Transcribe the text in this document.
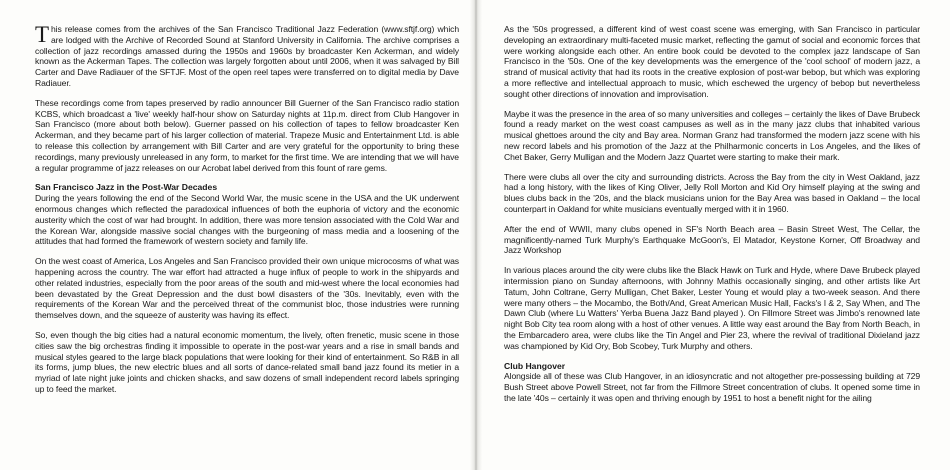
This release comes from the archives of the San Francisco Traditional Jazz Federation (www.sftjf.org) which are lodged with the Archive of Recorded Sound at Stanford University in California. The archive comprises a collection of jazz recordings amassed during the 1950s and 1960s by broadcaster Ken Ackerman, and widely known as the Ackerman Tapes. The collection was largely forgotten about until 2006, when it was salvaged by Bill Carter and Dave Radiauer of the SFTJF. Most of the open reel tapes were transferred on to digital media by Dave Radiauer.

These recordings come from tapes preserved by radio announcer Bill Guerner of the San Francisco radio station KCBS, which broadcast a 'live' weekly half-hour show on Saturday nights at 11p.m. direct from Club Hangover in San Francisco (more about both below). Guerner passed on his collection of tapes to fellow broadcaster Ken Ackerman, and they became part of his larger collection of material. Trapeze Music and Entertainment Ltd. is able to release this collection by arrangement with Bill Carter and are very grateful for the opportunity to bring these recordings, many previously unreleased in any form, to market for the first time. We are intending that we will have a regular programme of jazz releases on our Acrobat label derived from this fount of rare gems.

San Francisco Jazz in the Post-War Decades

During the years following the end of the Second World War, the music scene in the USA and the UK underwent enormous changes which reflected the paradoxical influences of both the euphoria of victory and the economic austerity which the cost of war had brought. In addition, there was more tension associated with the Cold War and the Korean War, alongside massive social changes with the burgeoning of mass media and a loosening of the attitudes that had formed the framework of western society and family life.

On the west coast of America, Los Angeles and San Francisco provided their own unique microcosms of what was happening across the country. The war effort had attracted a huge influx of people to work in the shipyards and other related industries, especially from the poor areas of the south and mid-west where the local economies had been devastated by the Great Depression and the dust bowl disasters of the '30s. Inevitably, even with the requirements of the Korean War and the perceived threat of the communist bloc, those industries were running themselves down, and the squeeze of austerity was having its effect.

So, even though the big cities had a natural economic momentum, the lively, often frenetic, music scene in those cities saw the big orchestras finding it impossible to operate in the post-war years and a rise in small bands and musical styles geared to the large black populations that were looking for their kind of entertainment. So R&B in all its forms, jump blues, the new electric blues and all sorts of dance-related small band jazz found its metier in a myriad of late night juke joints and chicken shacks, and saw dozens of small independent record labels springing up to feed the market.

As the '50s progressed, a different kind of west coast scene was emerging, with San Francisco in particular developing an extraordinary multi-faceted music market, reflecting the gamut of social and economic forces that were working alongside each other. An entire book could be devoted to the complex jazz landscape of San Francisco in the '50s. One of the key developments was the emergence of the 'cool school' of modern jazz, a strand of musical activity that had its roots in the creative explosion of post-war bebop, but which was exploring a more reflective and intellectual approach to music, which eschewed the urgency of bebop but nevertheless sought other directions of innovation and improvisation.

Maybe it was the presence in the area of so many universities and colleges – certainly the likes of Dave Brubeck found a ready market on the west coast campuses as well as in the many jazz clubs that inhabited various musical ghettoes around the city and Bay area. Norman Granz had transformed the modern jazz scene with his new record labels and his promotion of the Jazz at the Philharmonic concerts in Los Angeles, and the likes of Chet Baker, Gerry Mulligan and the Modern Jazz Quartet were starting to make their mark.

There were clubs all over the city and surrounding districts. Across the Bay from the city in West Oakland, jazz had a long history, with the likes of King Oliver, Jelly Roll Morton and Kid Ory himself playing at the swing and blues clubs back in the '20s, and the black musicians union for the Bay Area was based in Oakland – the local counterpart in Oakland for white musicians eventually merged with it in 1960.

After the end of WWII, many clubs opened in SF's North Beach area – Basin Street West, The Cellar, the magnificently-named Turk Murphy's Earthquake McGoon's, El Matador, Keystone Korner, Off Broadway and Jazz Workshop

In various places around the city were clubs like the Black Hawk on Turk and Hyde, where Dave Brubeck played intermission piano on Sunday afternoons, with Johnny Mathis occasionally singing, and other artists like Art Tatum, John Coltrane, Gerry Mulligan, Chet Baker, Lester Young et would play a two-week season. And there were many others – the Mocambo, the Both/And, Great American Music Hall, Facks's I & 2, Say When, and The Dawn Club (where Lu Watters' Yerba Buena Jazz Band played ). On Fillmore Street was Jimbo's renowned late night Bob City tea room along with a host of other venues. A little way east around the Bay from North Beach, in the Embarcadero area, were clubs like the Tin Angel and Pier 23, where the revival of traditional Dixieland jazz was championed by Kid Ory, Bob Scobey, Turk Murphy and others.

Club Hangover

Alongside all of these was Club Hangover, in an idiosyncratic and not altogether pre-possessing building at 729 Bush Street above Powell Street, not far from the Fillmore Street concentration of clubs. It opened some time in the late '40s – certainly it was open and thriving enough by 1951 to host a benefit night for the ailing
